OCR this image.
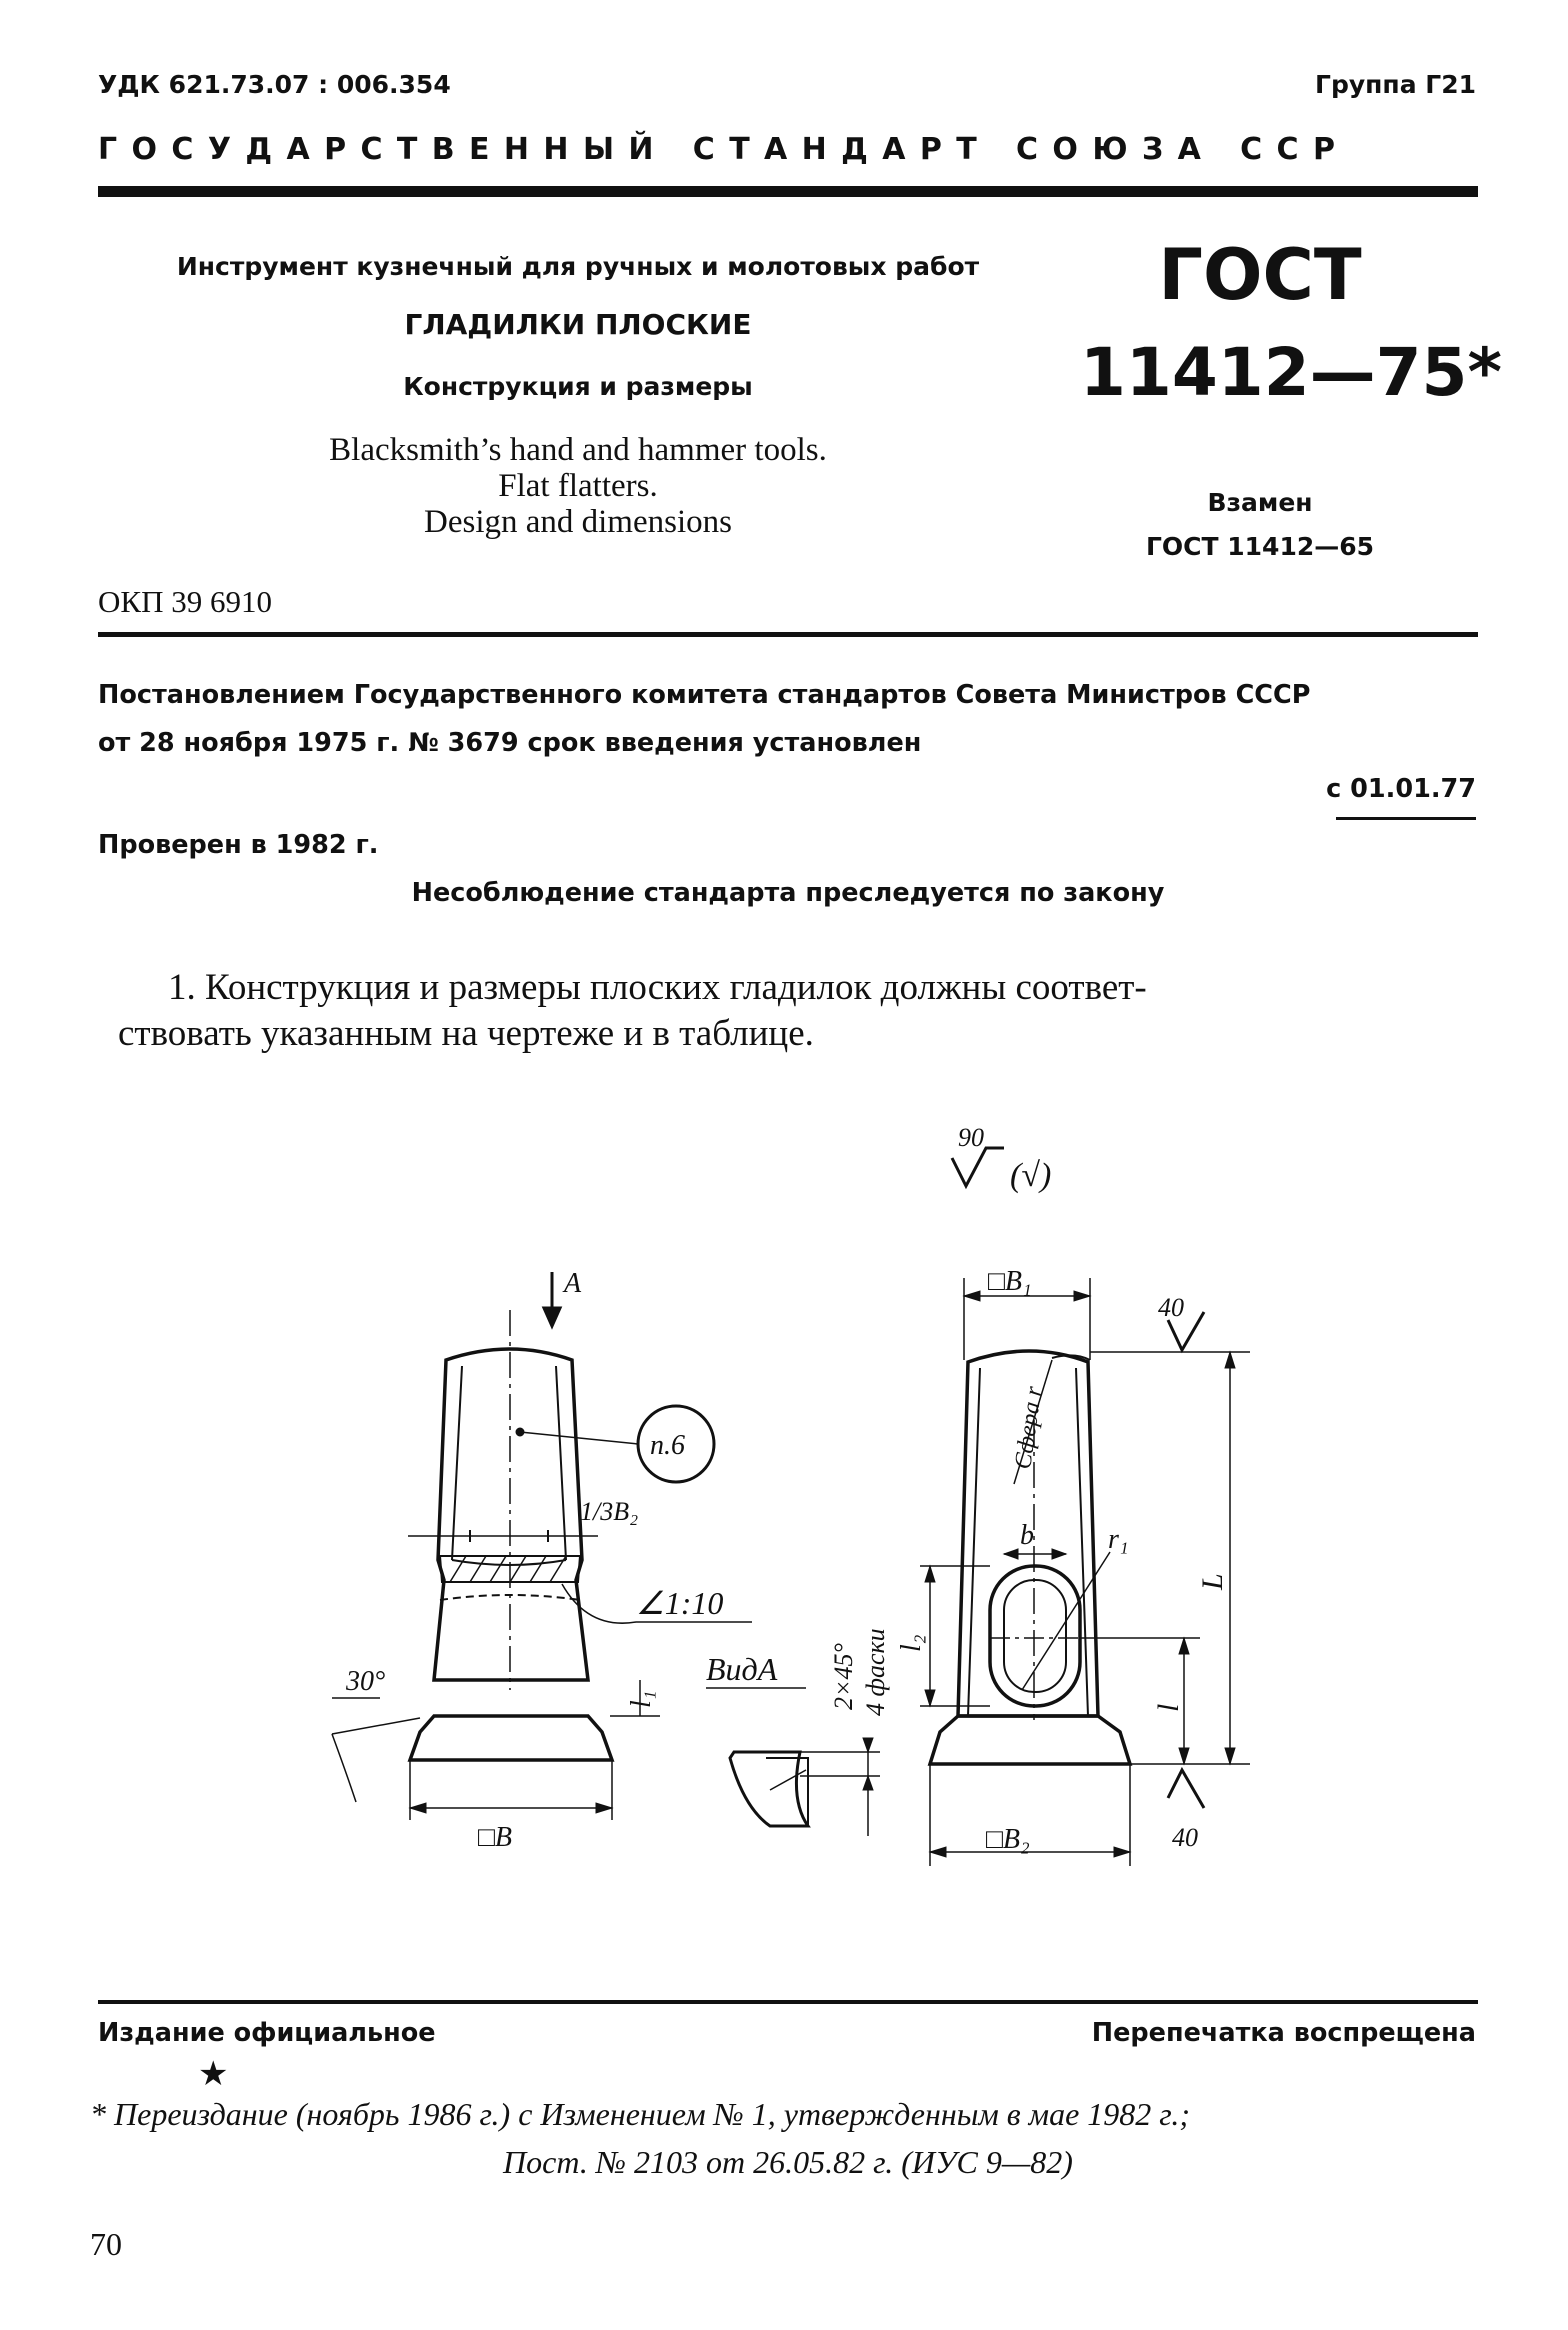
УДК 621.73.07 : 006.354	Группа Г21
ГОСУДАРСТВЕННЫЙ СТАНДАРТ СОЮЗА ССР
Инструмент кузнечный для ручных и молотовых работ
ГЛАДИЛКИ ПЛОСКИЕ
Конструкция и размеры
Blacksmith’s hand and hammer tools.
Flat flatters.
Design and dimensions
ОКП 39 6910
ГОСТ
11412—75*
Взамен
ГОСТ 11412—65
Постановлением Государственного комитета стандартов Совета Министров СССР
от 28 ноября 1975 г. № 3679 срок введения установлен
с 01.01.77
Проверен в 1982 г.
Несоблюдение стандарта преследуется по закону
1. Конструкция и размеры плоских гладилок должны соответ-
ствовать указанным на чертеже и в таблице.
90
(√)
A
п.6
1/3B₂
∠1:10
30°	ВидА 2×45° 4 фаски
□B₁
40
Сфера r
b	r₁
L
l
l₁
l₂
□B	□B₂	40
Издание официальное	Перепечатка воспрещена
★
* Переиздание (ноябрь 1986 г.) с Изменением № 1, утвержденным в мае 1982 г.;
Пост. № 2103 от 26.05.82 г. (ИУС 9—82)
70
